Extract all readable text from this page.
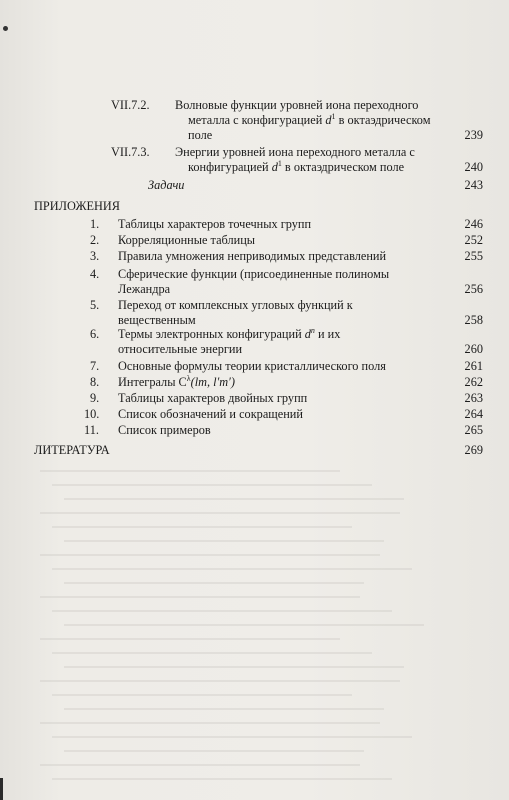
VII.7.2. Волновые функции уровней иона переходного
металла с конфигурацией $d^1$ в октаэдрическом
поле	239
VII.7.3. Энергии уровней иона переходного металла с
конфигурацией $d^1$ в октаэдрическом поле	240
Задачи	243
ПРИЛОЖЕНИЯ
1. Таблицы характеров точечных групп	246
2. Корреляционные таблицы	252
3. Правила умножения неприводимых представлений	255
4. Сферические функции (присоединенные полиномы
Лежандра	256
5. Переход от комплексных угловых функций к
вещественным	258
6. Термы электронных конфигураций $d^n$ и их
относительные энергии	260
7. Основные формулы теории кристаллического поля	261
8. Интегралы $C^\lambda(lm$, l′m′)	262
9. Таблицы характеров двойных групп	263
10. Список обозначений и сокращений	264
11. Список примеров	265
ЛИТЕРАТУРА	269
